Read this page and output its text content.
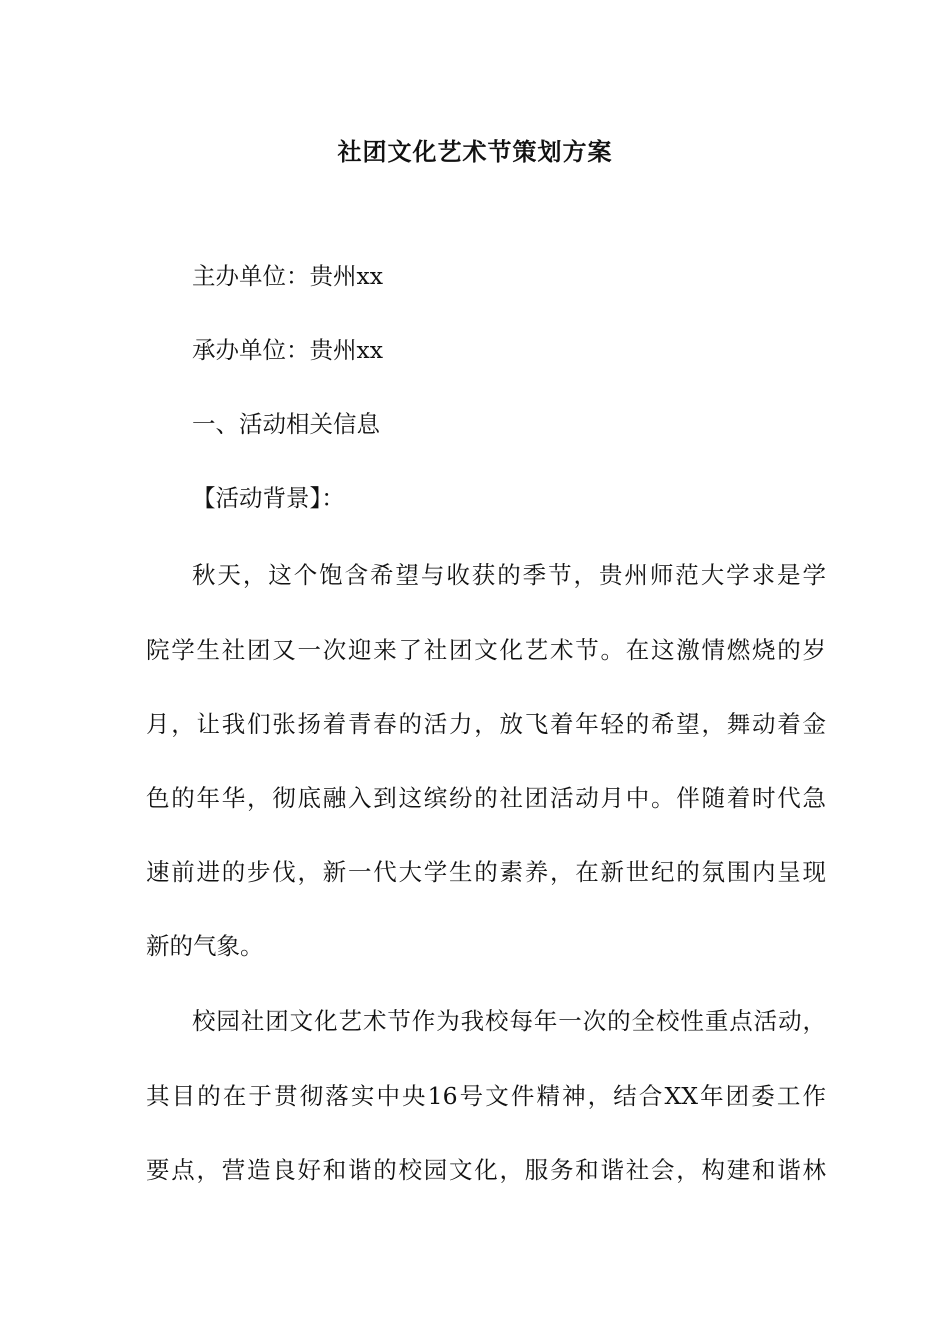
社团文化艺术节策划方案

主办单位：贵州xx

承办单位：贵州xx

一、活动相关信息

【活动背景】：

秋天，这个饱含希望与收获的季节，贵州师范大学求是学

院学生社团又一次迎来了社团文化艺术节。在这激情燃烧的岁

月，让我们张扬着青春的活力，放飞着年轻的希望，舞动着金

色的年华，彻底融入到这缤纷的社团活动月中。伴随着时代急

速前进的步伐，新一代大学生的素养，在新世纪的氛围内呈现

新的气象。

校园社团文化艺术节作为我校每年一次的全校性重点活动，

其目的在于贯彻落实中央16号文件精神，结合XX年团委工作

要点，营造良好和谐的校园文化，服务和谐社会，构建和谐林
